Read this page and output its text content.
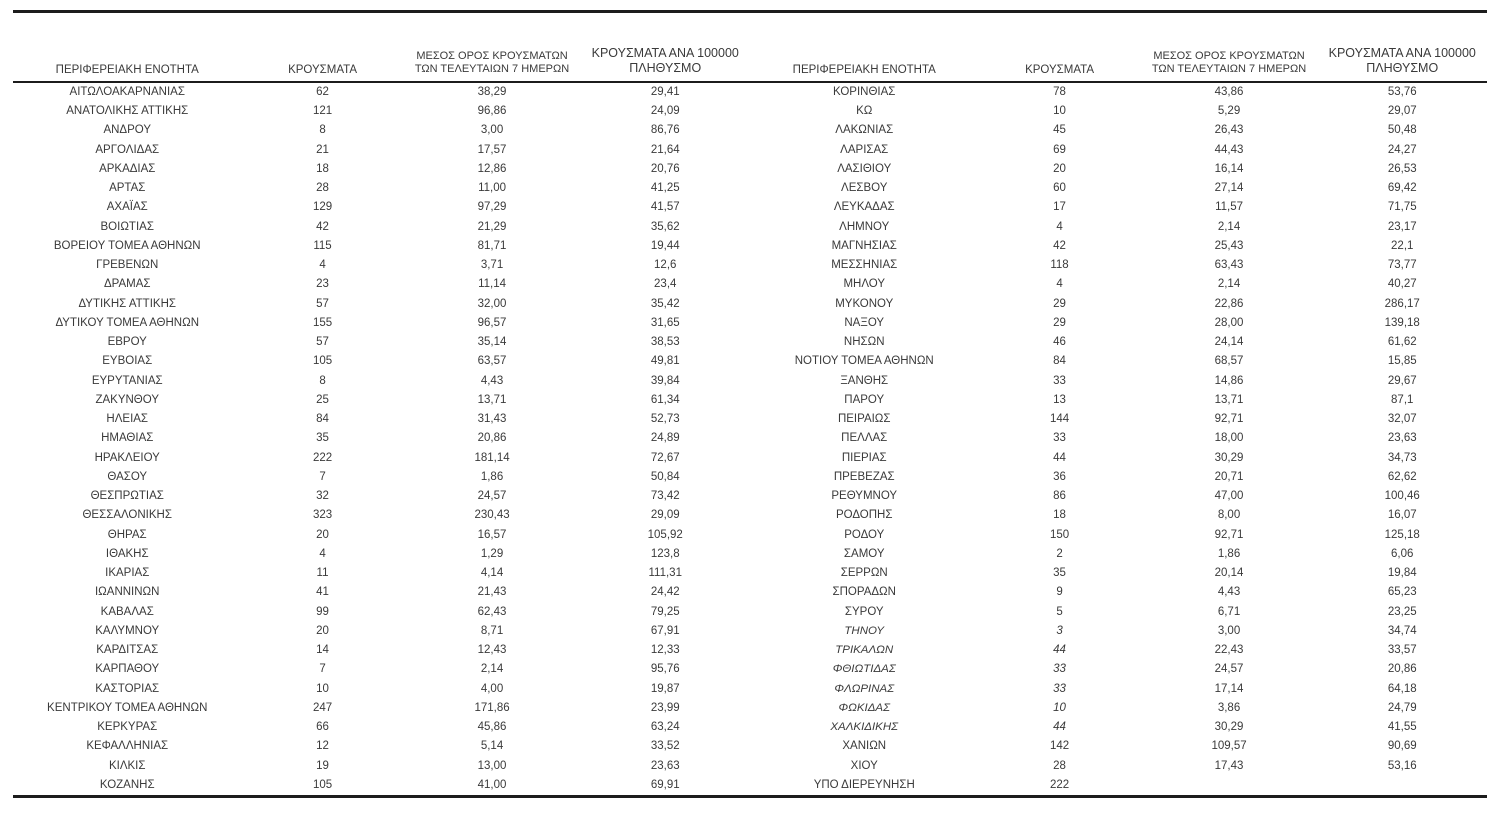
ΠΕΡΙΦΕΡΕΙΑΚΗ ΕΝΟΤΗΤΑ	ΚΡΟΥΣΜΑΤΑ	ΜΕΣΟΣ ΟΡΟΣ ΚΡΟΥΣΜΑΤΩΝ
ΤΩΝ ΤΕΛΕΥΤΑΙΩΝ 7 ΗΜΕΡΩΝ	ΚΡΟΥΣΜΑΤΑ ΑΝΑ 100000
ΠΛΗΘΥΣΜΟ

ΑΙΤΩΛΟΑΚΑΡΝΑΝΙΑΣ	62	38,29	29,41
ΑΝΑΤΟΛΙΚΗΣ ΑΤΤΙΚΗΣ	121	96,86	24,09
ΑΝΔΡΟΥ	8	3,00	86,76
ΑΡΓΟΛΙΔΑΣ	21	17,57	21,64
ΑΡΚΑΔΙΑΣ	18	12,86	20,76
ΑΡΤΑΣ	28	11,00	41,25
ΑΧΑΪΑΣ	129	97,29	41,57
ΒΟΙΩΤΙΑΣ	42	21,29	35,62
ΒΟΡΕΙΟΥ ΤΟΜΕΑ ΑΘΗΝΩΝ	115	81,71	19,44
ΓΡΕΒΕΝΩΝ	4	3,71	12,6
ΔΡΑΜΑΣ	23	11,14	23,4
ΔΥΤΙΚΗΣ ΑΤΤΙΚΗΣ	57	32,00	35,42
ΔΥΤΙΚΟΥ ΤΟΜΕΑ ΑΘΗΝΩΝ	155	96,57	31,65
ΕΒΡΟΥ	57	35,14	38,53
ΕΥΒΟΙΑΣ	105	63,57	49,81
ΕΥΡΥΤΑΝΙΑΣ	8	4,43	39,84
ΖΑΚΥΝΘΟΥ	25	13,71	61,34
ΗΛΕΙΑΣ	84	31,43	52,73
ΗΜΑΘΙΑΣ	35	20,86	24,89
ΗΡΑΚΛΕΙΟΥ	222	181,14	72,67
ΘΑΣΟΥ	7	1,86	50,84
ΘΕΣΠΡΩΤΙΑΣ	32	24,57	73,42
ΘΕΣΣΑΛΟΝΙΚΗΣ	323	230,43	29,09
ΘΗΡΑΣ	20	16,57	105,92
ΙΘΑΚΗΣ	4	1,29	123,8
ΙΚΑΡΙΑΣ	11	4,14	111,31
ΙΩΑΝΝΙΝΩΝ	41	21,43	24,42
ΚΑΒΑΛΑΣ	99	62,43	79,25
ΚΑΛΥΜΝΟΥ	20	8,71	67,91
ΚΑΡΔΙΤΣΑΣ	14	12,43	12,33
ΚΑΡΠΑΘΟΥ	7	2,14	95,76
ΚΑΣΤΟΡΙΑΣ	10	4,00	19,87
ΚΕΝΤΡΙΚΟΥ ΤΟΜΕΑ ΑΘΗΝΩΝ	247	171,86	23,99
ΚΕΡΚΥΡΑΣ	66	45,86	63,24
ΚΕΦΑΛΛΗΝΙΑΣ	12	5,14	33,52
ΚΙΛΚΙΣ	19	13,00	23,63
ΚΟΖΑΝΗΣ	105	41,00	69,91
ΠΕΡΙΦΕΡΕΙΑΚΗ ΕΝΟΤΗΤΑ	ΚΡΟΥΣΜΑΤΑ	ΜΕΣΟΣ ΟΡΟΣ ΚΡΟΥΣΜΑΤΩΝ
ΤΩΝ ΤΕΛΕΥΤΑΙΩΝ 7 ΗΜΕΡΩΝ	ΚΡΟΥΣΜΑΤΑ ΑΝΑ 100000
ΠΛΗΘΥΣΜΟ

ΚΟΡΙΝΘΙΑΣ	78	43,86	53,76
ΚΩ	10	5,29	29,07
ΛΑΚΩΝΙΑΣ	45	26,43	50,48
ΛΑΡΙΣΑΣ	69	44,43	24,27
ΛΑΣΙΘΙΟΥ	20	16,14	26,53
ΛΕΣΒΟΥ	60	27,14	69,42
ΛΕΥΚΑΔΑΣ	17	11,57	71,75
ΛΗΜΝΟΥ	4	2,14	23,17
ΜΑΓΝΗΣΙΑΣ	42	25,43	22,1
ΜΕΣΣΗΝΙΑΣ	118	63,43	73,77
ΜΗΛΟΥ	4	2,14	40,27
ΜΥΚΟΝΟΥ	29	22,86	286,17
ΝΑΞΟΥ	29	28,00	139,18
ΝΗΣΩΝ	46	24,14	61,62
ΝΟΤΙΟΥ ΤΟΜΕΑ ΑΘΗΝΩΝ	84	68,57	15,85
ΞΑΝΘΗΣ	33	14,86	29,67
ΠΑΡΟΥ	13	13,71	87,1
ΠΕΙΡΑΙΩΣ	144	92,71	32,07
ΠΕΛΛΑΣ	33	18,00	23,63
ΠΙΕΡΙΑΣ	44	30,29	34,73
ΠΡΕΒΕΖΑΣ	36	20,71	62,62
ΡΕΘΥΜΝΟΥ	86	47,00	100,46
ΡΟΔΟΠΗΣ	18	8,00	16,07
ΡΟΔΟΥ	150	92,71	125,18
ΣΑΜΟΥ	2	1,86	6,06
ΣΕΡΡΩΝ	35	20,14	19,84
ΣΠΟΡΑΔΩΝ	9	4,43	65,23
ΣΥΡΟΥ	5	6,71	23,25
ΤΗΝΟΥ	3	3,00	34,74
ΤΡΙΚΑΛΩΝ	44	22,43	33,57
ΦΘΙΩΤΙΔΑΣ	33	24,57	20,86
ΦΛΩΡΙΝΑΣ	33	17,14	64,18
ΦΩΚΙΔΑΣ	10	3,86	24,79
ΧΑΛΚΙΔΙΚΗΣ	44	30,29	41,55
ΧΑΝΙΩΝ	142	109,57	90,69
ΧΙΟΥ	28	17,43	53,16
ΥΠΟ ΔΙΕΡΕΥΝΗΣΗ	222		
